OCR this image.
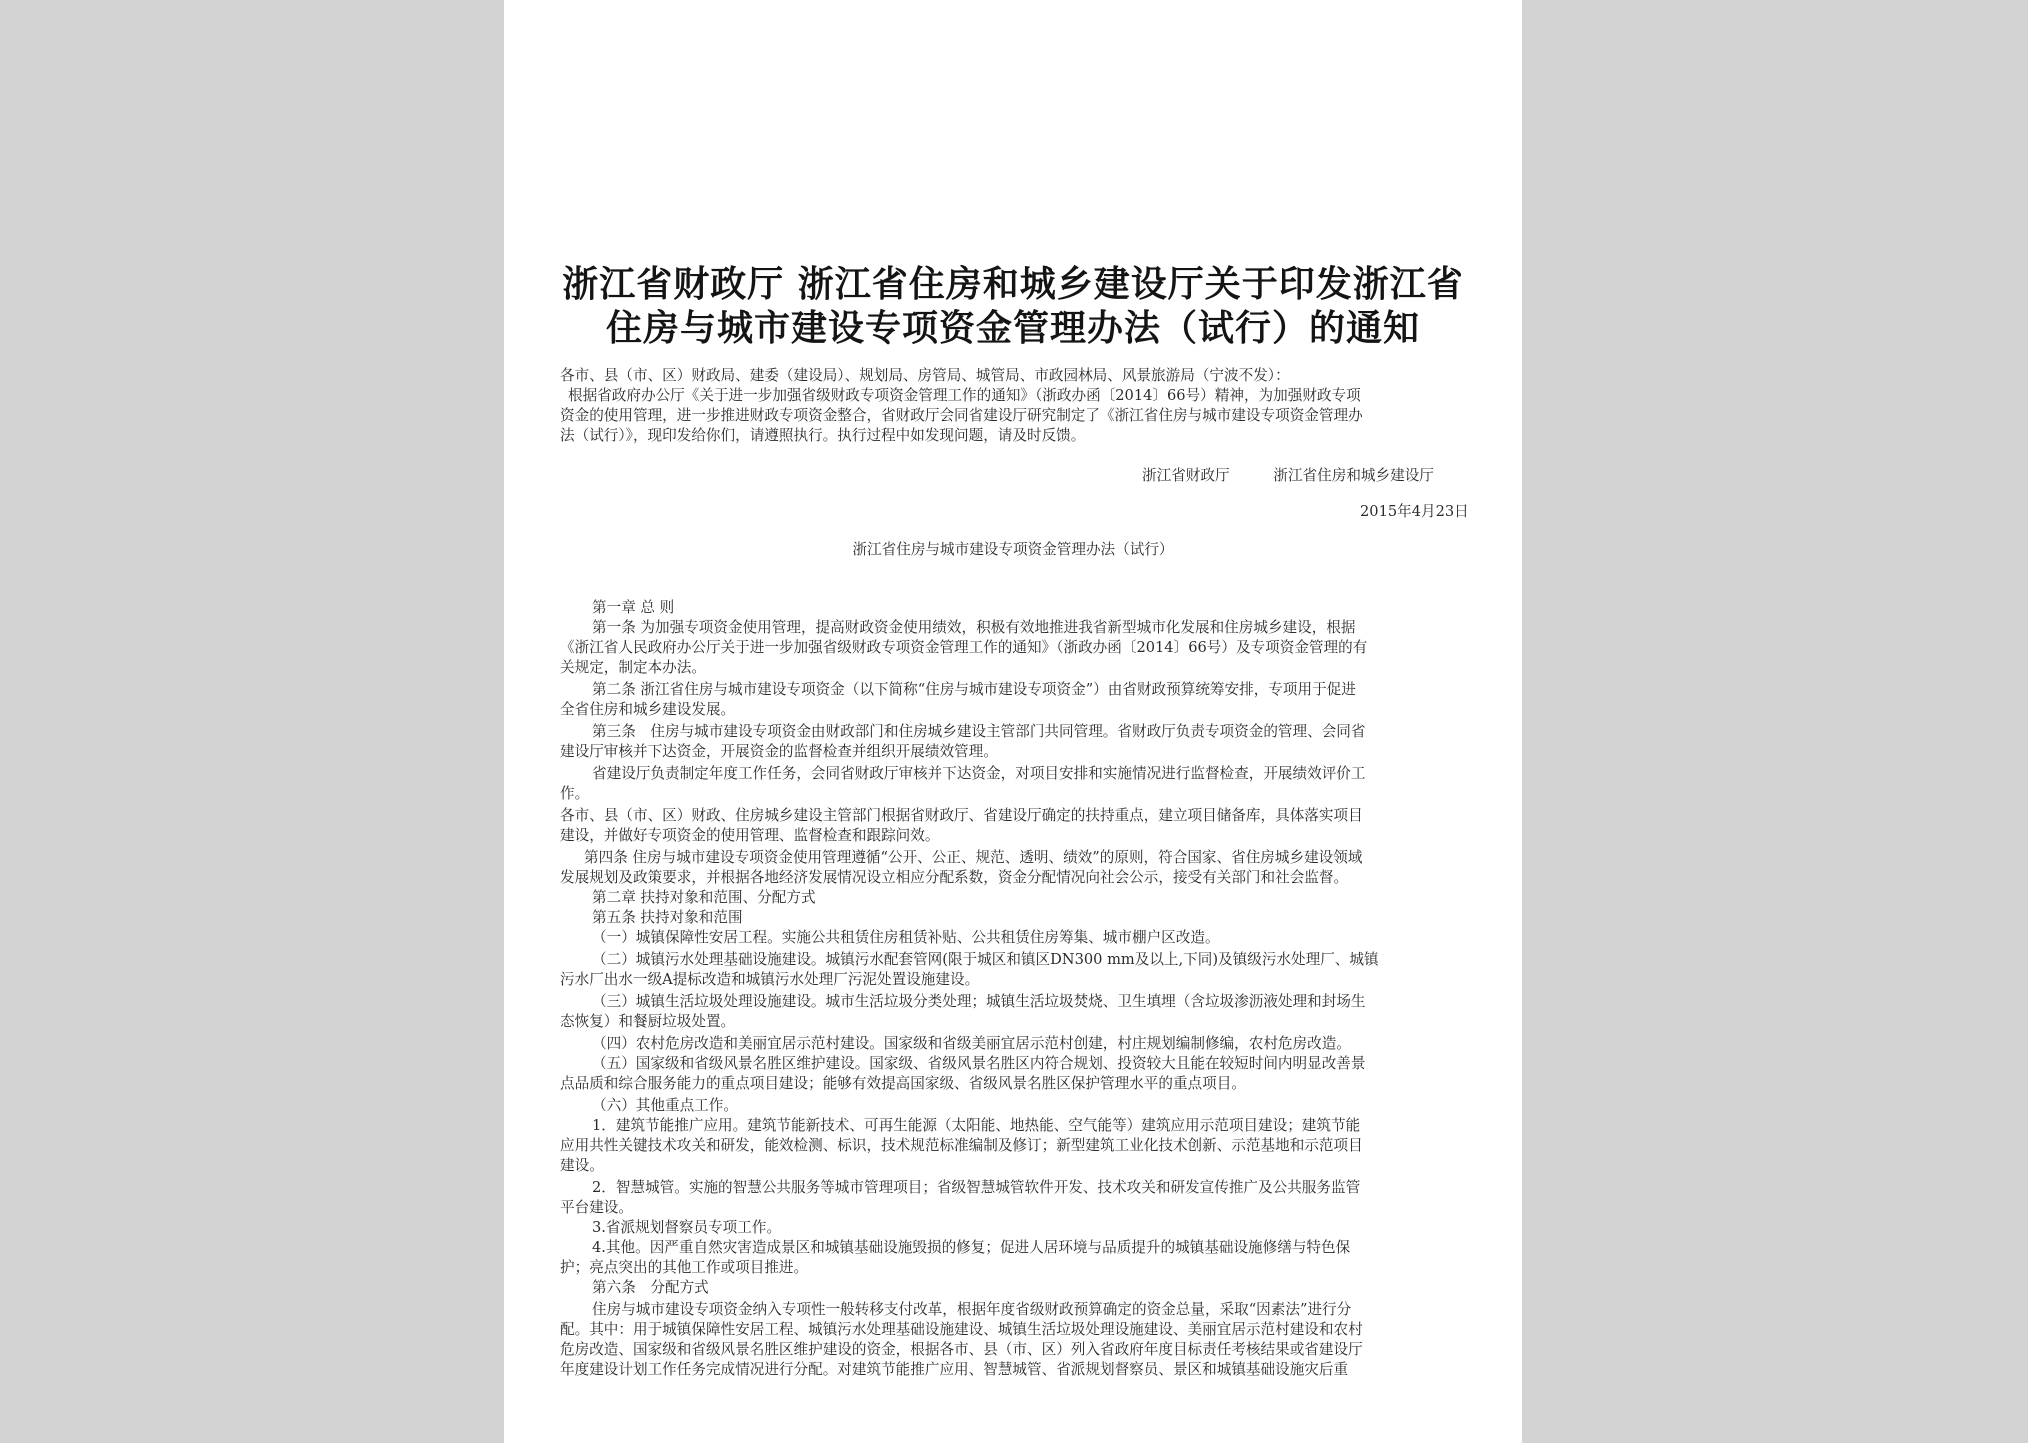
浙江省财政厅 浙江省住房和城乡建设厅关于印发浙江省
住房与城市建设专项资金管理办法（试行）的通知
各市、县（市、区）财政局、建委（建设局）、规划局、房管局、城管局、市政园林局、风景旅游局（宁波不发）：
根据省政府办公厅《关于进一步加强省级财政专项资金管理工作的通知》（浙政办函〔2014〕66号）精神，为加强财政专项
资金的使用管理，进一步推进财政专项资金整合，省财政厅会同省建设厅研究制定了《浙江省住房与城市建设专项资金管理办
法（试行）》，现印发给你们，请遵照执行。执行过程中如发现问题，请及时反馈。
浙江省财政厅　　　浙江省住房和城乡建设厅
2015年4月23日
浙江省住房与城市建设专项资金管理办法（试行）
第一章 总 则
第一条 为加强专项资金使用管理，提高财政资金使用绩效，积极有效地推进我省新型城市化发展和住房城乡建设，根据
《浙江省人民政府办公厅关于进一步加强省级财政专项资金管理工作的通知》（浙政办函〔2014〕66号）及专项资金管理的有
关规定，制定本办法。
第二条 浙江省住房与城市建设专项资金（以下简称“住房与城市建设专项资金”）由省财政预算统筹安排，专项用于促进
全省住房和城乡建设发展。
第三条　住房与城市建设专项资金由财政部门和住房城乡建设主管部门共同管理。省财政厅负责专项资金的管理、会同省
建设厅审核并下达资金，开展资金的监督检查并组织开展绩效管理。
省建设厅负责制定年度工作任务，会同省财政厅审核并下达资金，对项目安排和实施情况进行监督检查，开展绩效评价工
作。
各市、县（市、区）财政、住房城乡建设主管部门根据省财政厅、省建设厅确定的扶持重点，建立项目储备库，具体落实项目
建设，并做好专项资金的使用管理、监督检查和跟踪问效。
第四条 住房与城市建设专项资金使用管理遵循“公开、公正、规范、透明、绩效”的原则，符合国家、省住房城乡建设领域
发展规划及政策要求，并根据各地经济发展情况设立相应分配系数，资金分配情况向社会公示，接受有关部门和社会监督。
第二章 扶持对象和范围、分配方式
第五条 扶持对象和范围
（一）城镇保障性安居工程。实施公共租赁住房租赁补贴、公共租赁住房筹集、城市棚户区改造。
（二）城镇污水处理基础设施建设。城镇污水配套管网(限于城区和镇区DN300 mm及以上,下同)及镇级污水处理厂、城镇
污水厂出水一级A提标改造和城镇污水处理厂污泥处置设施建设。
（三）城镇生活垃圾处理设施建设。城市生活垃圾分类处理；城镇生活垃圾焚烧、卫生填埋（含垃圾渗沥液处理和封场生
态恢复）和餐厨垃圾处置。
（四）农村危房改造和美丽宜居示范村建设。国家级和省级美丽宜居示范村创建，村庄规划编制修编，农村危房改造。
（五）国家级和省级风景名胜区维护建设。国家级、省级风景名胜区内符合规划、投资较大且能在较短时间内明显改善景
点品质和综合服务能力的重点项目建设；能够有效提高国家级、省级风景名胜区保护管理水平的重点项目。
（六）其他重点工作。
1．建筑节能推广应用。建筑节能新技术、可再生能源（太阳能、地热能、空气能等）建筑应用示范项目建设；建筑节能
应用共性关键技术攻关和研发，能效检测、标识，技术规范标准编制及修订；新型建筑工业化技术创新、示范基地和示范项目
建设。
2．智慧城管。实施的智慧公共服务等城市管理项目；省级智慧城管软件开发、技术攻关和研发宣传推广及公共服务监管
平台建设。
3.省派规划督察员专项工作。
4.其他。因严重自然灾害造成景区和城镇基础设施毁损的修复；促进人居环境与品质提升的城镇基础设施修缮与特色保
护；亮点突出的其他工作或项目推进。
第六条　分配方式
住房与城市建设专项资金纳入专项性一般转移支付改革，根据年度省级财政预算确定的资金总量，采取“因素法”进行分
配。其中：用于城镇保障性安居工程、城镇污水处理基础设施建设、城镇生活垃圾处理设施建设、美丽宜居示范村建设和农村
危房改造、国家级和省级风景名胜区维护建设的资金，根据各市、县（市、区）列入省政府年度目标责任考核结果或省建设厅
年度建设计划工作任务完成情况进行分配。对建筑节能推广应用、智慧城管、省派规划督察员、景区和城镇基础设施灾后重
